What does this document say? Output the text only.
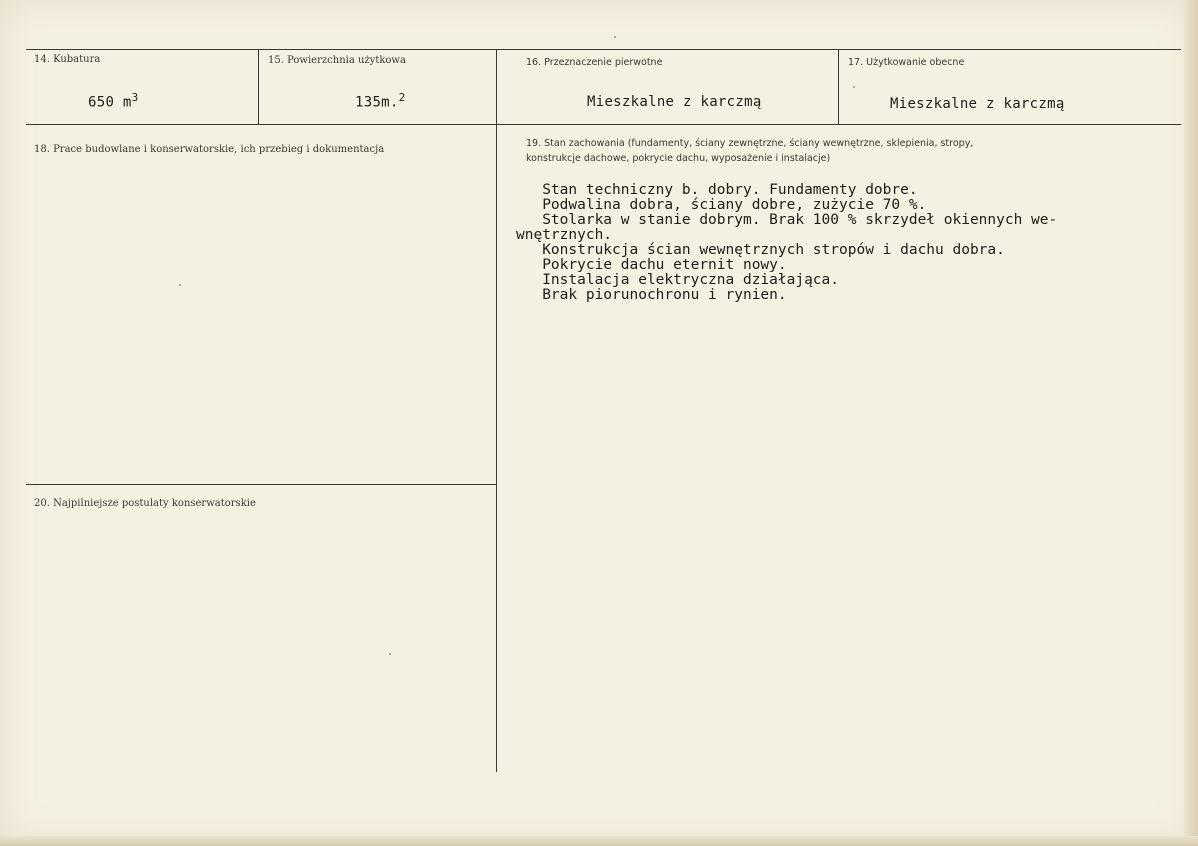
14. Kubatura
650 $m^3$
15. Powierzchnia użytkowa
135m.$^2$
16. Przeznaczenie pierwotne
Mieszkalne z karczmą
17. Użytkowanie obecne
Mieszkalne z karczmą
18. Prace budowlane i konserwatorskie, ich przebieg i dokumentacja
19. Stan zachowania (fundamenty, ściany zewnętrzne, ściany wewnętrzne, sklepienia, stropy,
konstrukcje dachowe, pokrycie dachu, wyposażenie i instalacje)
Stan techniczny b. dobry. Fundamenty dobre.
Podwalina dobra, ściany dobre, zużycie 70 %.
Stolarka w stanie dobrym. Brak 100 % skrzydeł okiennych we-
wnętrznych.
Konstrukcja ścian wewnętrznych stropów i dachu dobra.
Pokrycie dachu eternit nowy.
Instalacja elektryczna działająca.
Brak piorunochronu i rynien.
20. Najpilniejsze postulaty konserwatorskie
